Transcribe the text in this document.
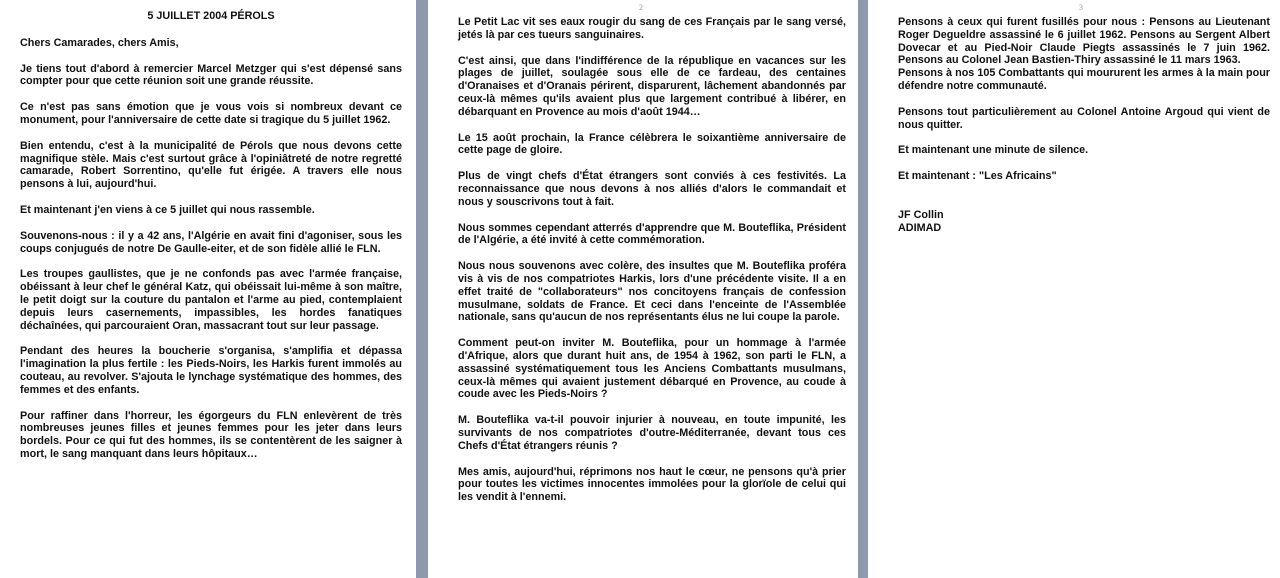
5 JUILLET 2004 PÉROLS

Chers Camarades, chers Amis,

Je tiens tout d'abord à remercier Marcel Metzger qui s'est dépensé sans compter pour que cette réunion soit une grande réussite.

Ce n'est pas sans émotion que je vous vois si nombreux devant ce monument, pour l'anniversaire de cette date si tragique du 5 juillet 1962.

Bien entendu, c'est à la municipalité de Pérols que nous devons cette magnifique stèle. Mais c'est surtout grâce à l'opiniâtreté de notre regretté camarade, Robert Sorrentino, qu'elle fut érigée. A travers elle nous pensons à lui, aujourd'hui.

Et maintenant j'en viens à ce 5 juillet qui nous rassemble.

Souvenons-nous : il y a 42 ans, l'Algérie en avait fini d'agoniser, sous les coups conjugués de notre De Gaulle-eiter, et de son fidèle allié le FLN.

Les troupes gaullistes, que je ne confonds pas avec l'armée française, obéissant à leur chef le général Katz, qui obéissait lui-même à son maître, le petit doigt sur la couture du pantalon et l'arme au pied, contemplaient depuis leurs casernements, impassibles, les hordes fanatiques déchaînées, qui parcouraient Oran, massacrant tout sur leur passage.

Pendant des heures la boucherie s'organisa, s'amplifia et dépassa l'imagination la plus fertile : les Pieds-Noirs, les Harkis furent immolés au couteau, au revolver. S'ajouta le lynchage systématique des hommes, des femmes et des enfants.

Pour raffiner dans l'horreur, les égorgeurs du FLN enlevèrent de très nombreuses jeunes filles et jeunes femmes pour les jeter dans leurs bordels. Pour ce qui fut des hommes, ils se contentèrent de les saigner à mort, le sang manquant dans leurs hôpitaux…

2

Le Petit Lac vit ses eaux rougir du sang de ces Français par le sang versé, jetés là par ces tueurs sanguinaires.

C'est ainsi, que dans l'indifférence de la république en vacances sur les plages de juillet, soulagée sous elle de ce fardeau, des centaines d'Oranaises et d'Oranais périrent, disparurent, lâchement abandonnés par ceux-là mêmes qu'ils avaient plus que largement contribué à libérer, en débarquant en Provence au mois d'août 1944…

Le 15 août prochain, la France célèbrera le soixantième anniversaire de cette page de gloire.

Plus de vingt chefs d'État étrangers sont conviés à ces festivités. La reconnaissance que nous devons à nos alliés d'alors le commandait et nous y souscrivons tout à fait.

Nous sommes cependant atterrés d'apprendre que M. Bouteflika, Président de l'Algérie, a été invité à cette commémoration.

Nous nous souvenons avec colère, des insultes que M. Bouteflika proféra vis à vis de nos compatriotes Harkis, lors d'une précédente visite. Il a en effet traité de "collaborateurs" nos concitoyens français de confession musulmane, soldats de France. Et ceci dans l'enceinte de l'Assemblée nationale, sans qu'aucun de nos représentants élus ne lui coupe la parole.

Comment peut-on inviter M. Bouteflika, pour un hommage à l'armée d'Afrique, alors que durant huit ans, de 1954 à 1962, son parti le FLN, a assassiné systématiquement tous les Anciens Combattants musulmans, ceux-là mêmes qui avaient justement débarqué en Provence, au coude à coude avec les Pieds-Noirs ?

M. Bouteflika va-t-il pouvoir injurier à nouveau, en toute impunité, les survivants de nos compatriotes d'outre-Méditerranée, devant tous ces Chefs d'État étrangers réunis ?

Mes amis, aujourd'hui, réprimons nos haut le cœur, ne pensons qu'à prier pour toutes les victimes innocentes immolées pour la glorïole de celui qui les vendit à l'ennemi.

3

Pensons à ceux qui furent fusillés pour nous : Pensons au Lieutenant Roger Degueldre assassiné le 6 juillet 1962. Pensons au Sergent Albert Dovecar et au Pied-Noir Claude Piegts assassinés le 7 juin 1962. Pensons au Colonel Jean Bastien-Thiry assassiné le 11 mars 1963.
Pensons à nos 105 Combattants qui moururent les armes à la main pour défendre notre communauté.

Pensons tout particulièrement au Colonel Antoine Argoud qui vient de nous quitter.

Et maintenant une minute de silence.

Et maintenant : "Les Africains"

JF Collin

ADIMAD
